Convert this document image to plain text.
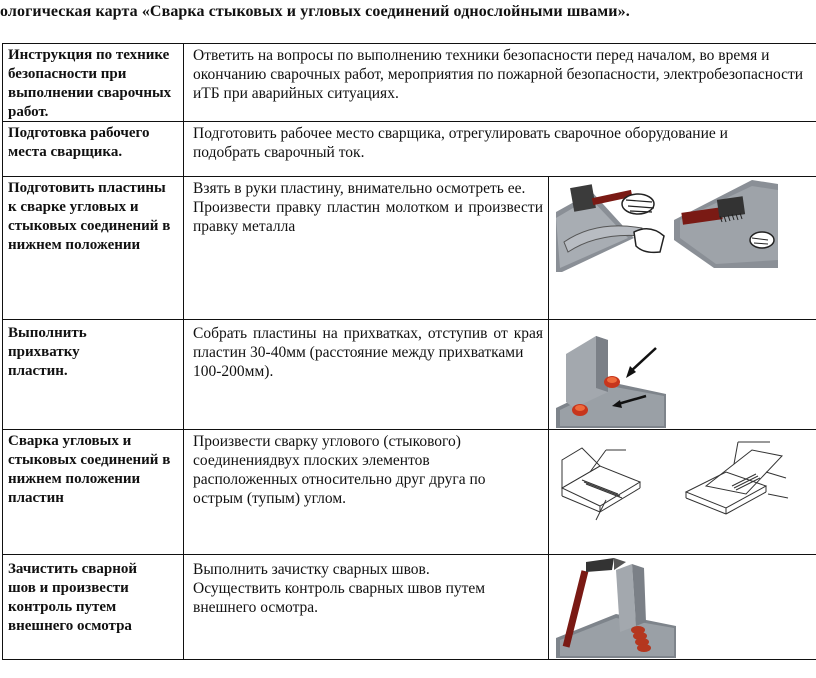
ологическая карта «Сварка стыковых и угловых соединений однослойными швами».
Инструкция по технике безопасности при выполнении сварочных работ.
Ответить на вопросы по выполнению техники безопасности перед началом, во время и окончанию сварочных работ, мероприятия по пожарной безопасности, электробезопасности иТБ при аварийных ситуациях.
Подготовка рабочего места сварщика.
Подготовить рабочее место сварщика, отрегулировать сварочное оборудование и подобрать сварочный ток.
Подготовить пластины к сварке угловых и стыковых соединений в нижнем положении
Взять в руки пластину, внимательно осмотреть ее.
Произвести правку пластин молотком и произвести правку металла
Выполнить прихватку пластин.
Собрать пластины на прихватках, отступив от края пластин 30-40мм (расстояние между прихватками
100-200мм).
Сварка угловых и стыковых соединений в нижнем положении пластин
Произвести сварку углового (стыкового) соединениядвух плоских элементов расположенных относительно друг друга по острым (тупым) углом.
Зачистить сварной шов и произвести контроль путем внешнего осмотра
Выполнить зачистку сварных швов.
Осуществить контроль сварных швов путем внешнего осмотра.
